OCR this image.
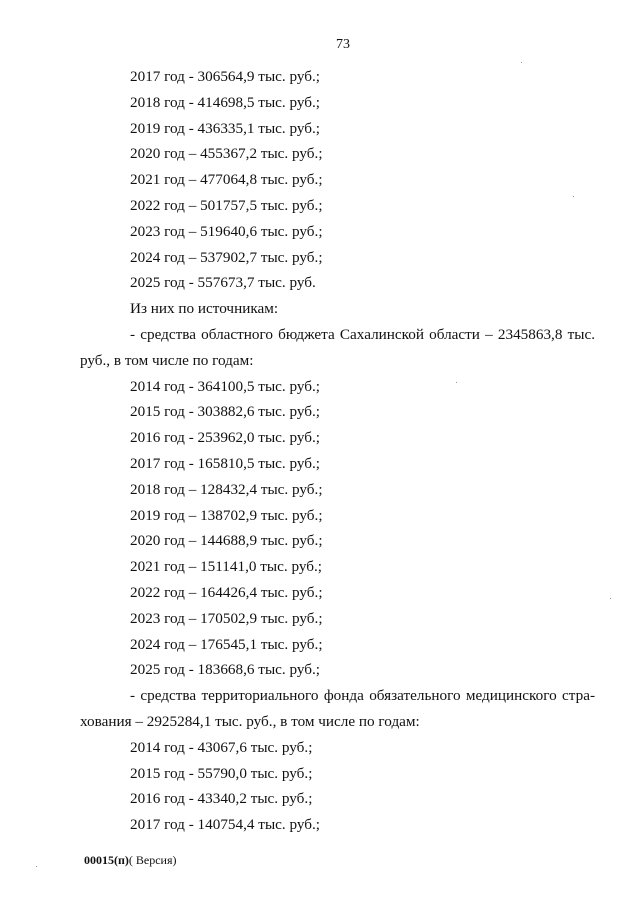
73
2017 год - 306564,9 тыс. руб.;
2018 год - 414698,5 тыс. руб.;
2019 год - 436335,1 тыс. руб.;
2020 год – 455367,2 тыс. руб.;
2021 год – 477064,8 тыс. руб.;
2022 год – 501757,5 тыс. руб.;
2023 год – 519640,6 тыс. руб.;
2024 год – 537902,7 тыс. руб.;
2025 год - 557673,7 тыс. руб.
Из них по источникам:
- средства областного бюджета Сахалинской области – 2345863,8 тыс.
руб., в том числе по годам:
2014 год - 364100,5 тыс. руб.;
2015 год - 303882,6 тыс. руб.;
2016 год - 253962,0 тыс. руб.;
2017 год - 165810,5 тыс. руб.;
2018 год – 128432,4 тыс. руб.;
2019 год – 138702,9 тыс. руб.;
2020 год – 144688,9 тыс. руб.;
2021 год – 151141,0 тыс. руб.;
2022 год – 164426,4 тыс. руб.;
2023 год – 170502,9 тыс. руб.;
2024 год – 176545,1 тыс. руб.;
2025 год - 183668,6 тыс. руб.;
- средства территориального фонда обязательного медицинского стра-
хования – 2925284,1 тыс. руб., в том числе по годам:
2014 год - 43067,6 тыс. руб.;
2015 год - 55790,0 тыс. руб.;
2016 год - 43340,2 тыс. руб.;
2017 год - 140754,4 тыс. руб.;
00015(п)( Версия)
